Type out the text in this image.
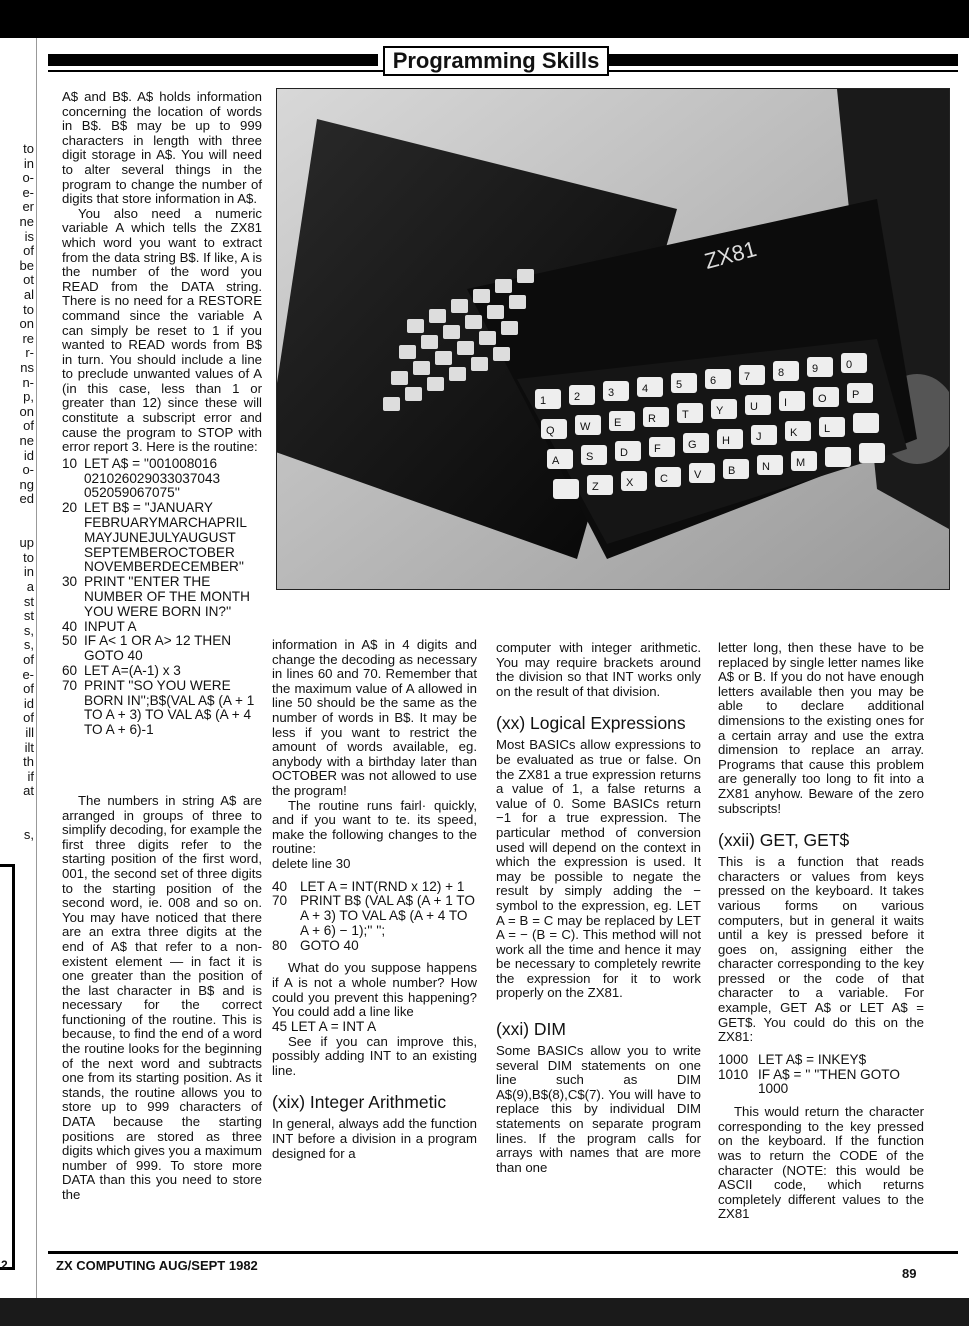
to
in
o-
e-
er
ne
is
of
be
ot
al
to
on
re
r-
ns
n-
p,
on
of
ne
id
o-
ng
ed
up
to
in
a
st
st
s,
s,
of
e-
of
id
of
ill
ilt
th
if
at
s,
2
Programming Skills

A$ and B$. A$ holds information concerning the location of words in B$. B$ may be up to 999 characters in length with three digit storage in A$. You will need to alter several things in the program to change the number of digits that store information in A$.

You also need a numeric variable A which tells the ZX81 which word you want to extract from the data string B$. If like, A is the number of the word you READ from the DATA string. There is no need for a RESTORE command since the variable A can simply be reset to 1 if you wanted to READ words from B$ in turn. You should include a line to preclude unwanted values of A (in this case, less than 1 or greater than 12) since these will constitute a subscript error and cause the program to STOP with error report 3. Here is the routine:

10 LET A$ = ''001008016 021026029033037043 052059067075''
20 LET B$ = ''JANUARY FEBRUARYMARCHAPRIL MAYJUNEJULYAUGUST SEPTEMBEROCTOBER NOVEMBERDECEMBER''
30 PRINT ''ENTER THE NUMBER OF THE MONTH YOU WERE BORN IN?''
40 INPUT A
50 IF A< 1 OR A> 12 THEN GOTO 40
60 LET A=(A-1) x 3
70 PRINT ''SO YOU WERE BORN IN'';B$(VAL A$ (A + 1 TO A + 3) TO VAL A$ (A + 4 TO A + 6)-1

The numbers in string A$ are arranged in groups of three to simplify decoding, for example the first three digits refer to the starting position of the first word, 001, the second set of three digits to the starting position of the second word, ie. 008 and so on. You may have noticed that there are an extra three digits at the end of A$ that refer to a non-existent element — in fact it is one greater than the position of the last character in B$ and is necessary for the correct functioning of the routine. This is because, to find the end of a word the routine looks for the beginning of the next word and subtracts one from its starting position. As it stands, the routine allows you to store up to 999 characters of DATA because the starting positions are stored as three digits which gives you a maximum number of 999. To store more DATA than this you need to store the

ZX81
1	2	3	4	5	6	7	8	9	0
Q W E R T Y U I	O P
A S D F G H J	K L
Z X C V B N M

information in A$ in 4 digits and change the decoding as necessary in lines 60 and 70. Remember that the maximum value of A allowed in line 50 should be the same as the number of words in B$. It may be less if you want to restrict the amount of words available, eg. anybody with a birthday later than OCTOBER was not allowed to use the program!

The routine runs fairl· quickly, and if you want to te. its speed, make the following changes to the routine:

delete line 30

40 LET A = INT(RND x 12) + 1
70 PRINT B$ (VAL A$ (A + 1 TO A + 3) TO VAL A$ (A + 4 TO A + 6) − 1);'' '';
80 GOTO 40

What do you suppose happens if A is not a whole number? How could you prevent this happening? You could add a line like

45 LET A = INT A

See if you can improve this, possibly adding INT to an existing line.

(xix) Integer Arithmetic

In general, always add the function INT before a division in a program designed for a

computer with integer arithmetic. You may require brackets around the division so that INT works only on the result of that division.

(xx) Logical Expressions

Most BASICs allow expressions to be evaluated as true or false. On the ZX81 a true expression returns a value of 1, a false returns a value of 0. Some BASICs return −1 for a true expression. The particular method of conversion used will depend on the context in which the expression is used. It may be possible to negate the result by simply adding the − symbol to the expression, eg. LET A = B = C may be replaced by LET A = − (B = C). This method will not work all the time and hence it may be necessary to completely rewrite the expression for it to work properly on the ZX81.

(xxi) DIM

Some BASICs allow you to write several DIM statements on one line such as DIM A$(9),B$(8),C$(7). You will have to replace this by individual DIM statements on separate program lines. If the program calls for arrays with names that are more than one

letter long, then these have to be replaced by single letter names like A$ or B. If you do not have enough letters available then you may be able to declare additional dimensions to the existing ones for a certain array and use the extra dimension to replace an array. Programs that cause this problem are generally too long to fit into a ZX81 anyhow. Beware of the zero subscripts!

(xxii) GET, GET$

This is a function that reads characters or values from keys pressed on the keyboard. It takes various forms on various computers, but in general it waits until a key is pressed before it goes on, assigning either the character corresponding to the key pressed or the code of that character to a variable. For example, GET A$ or LET A$ = GET$. You could do this on the ZX81:

1000 LET A$ = INKEY$
1010 IF A$ = '' ''THEN GOTO 1000

This would return the character corresponding to the key pressed on the keyboard. If the function was to return the CODE of the character (NOTE: this would be ASCII code, which returns completely different values to the ZX81

ZX COMPUTING AUG/SEPT 1982
89
